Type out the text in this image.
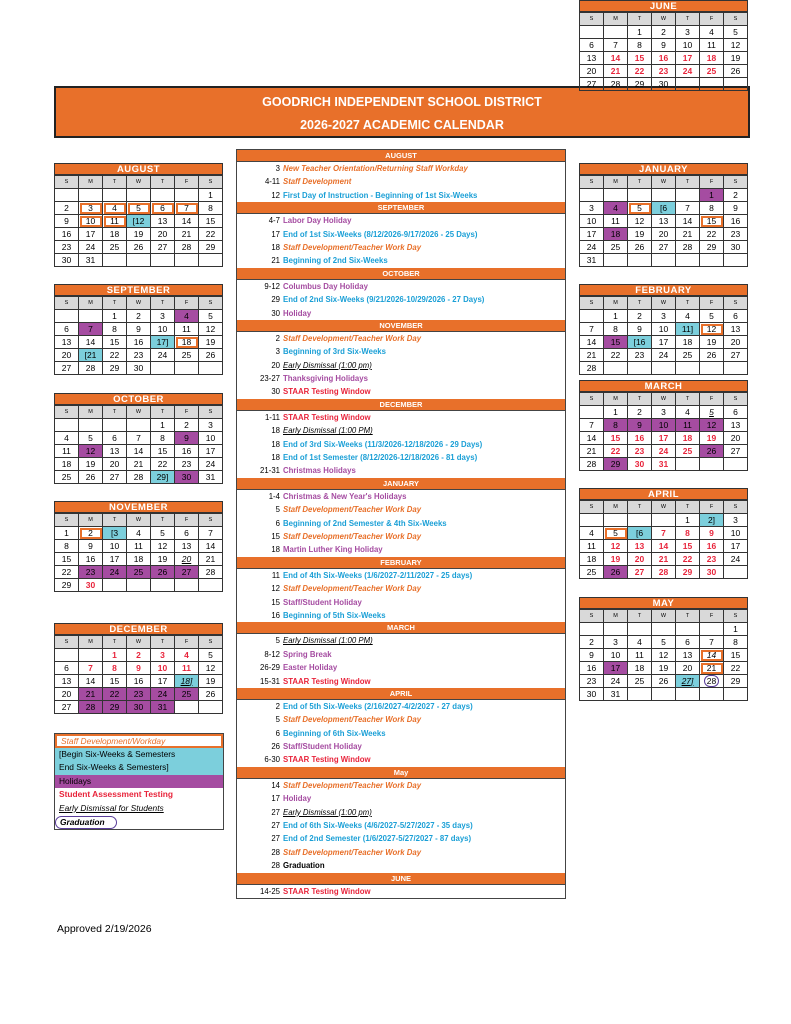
GOODRICH INDEPENDENT SCHOOL DISTRICT
2026-2027 ACADEMIC CALENDAR
AUGUST
S	M	T	W	T	F	S
						1
2	3	4	5	6	7	8
9	10	11	[12	13	14	15
16	17	18	19	20	21	22
23	24	25	26	27	28	29
30	31					
SEPTEMBER
S	M	T	W	T	F	S
		1	2	3	4	5
6	7	8	9	10	11	12
13	14	15	16	17]	18	19
20	[21	22	23	24	25	26
27	28	29	30			
OCTOBER
S	M	T	W	T	F	S
				1	2	3
4	5	6	7	8	9	10
11	12	13	14	15	16	17
18	19	20	21	22	23	24
25	26	27	28	29]	30	31
NOVEMBER
S	M	T	W	T	F	S
1	2	[3	4	5	6	7
8	9	10	11	12	13	14
15	16	17	18	19	20	21
22	23	24	25	26	27	28
29	30					
DECEMBER
S	M	T	W	T	F	S
		1	2	3	4	5
6	7	8	9	10	11	12
13	14	15	16	17	18]	19
20	21	22	23	24	25	26
27	28	29	30	31		
JANUARY
S	M	T	W	T	F	S
					1	2
3	4	5	[6	7	8	9
10	11	12	13	14	15	16
17	18	19	20	21	22	23
24	25	26	27	28	29	30
31						
FEBRUARY
S	M	T	W	T	F	S
	1	2	3	4	5	6
7	8	9	10	11]	12	13
14	15	[16	17	18	19	20
21	22	23	24	25	26	27
28						
MARCH
S	M	T	W	T	F	S
	1	2	3	4	5	6
7	8	9	10	11	12	13
14	15	16	17	18	19	20
21	22	23	24	25	26	27
28	29	30	31			
APRIL
S	M	T	W	T	F	S
				1	2]	3
4	5	[6	7	8	9	10
11	12	13	14	15	16	17
18	19	20	21	22	23	24
25	26	27	28	29	30	
MAY
S	M	T	W	T	F	S
						1
2	3	4	5	6	7	8
9	10	11	12	13	14	15
16	17	18	19	20	21	22
23	24	25	26	27]	28	29
30	31					
JUNE
S	M	T	W	T	F	S
		1	2	3	4	5
6	7	8	9	10	11	12
13	14	15	16	17	18	19
20	21	22	23	24	25	26
27	28	29	30			
AUGUST
3 New Teacher Orientation/Returning Staff Workday
4-11 Staff Development
12 First Day of Instruction - Beginning of 1st Six-Weeks
SEPTEMBER
4-7 Labor Day Holiday
17 End of 1st Six-Weeks (8/12/2026-9/17/2026 - 25 Days)
18 Staff Development/Teacher Work Day
21 Beginning of 2nd Six-Weeks
OCTOBER
9-12 Columbus Day Holiday
29 End of 2nd Six-Weeks (9/21/2026-10/29/2026 - 27 Days)
30 Holiday
NOVEMBER
2 Staff Development/Teacher Work Day
3 Beginning of 3rd Six-Weeks
20 Early Dismissal (1:00 pm)
23-27 Thanksgiving Holidays
30 STAAR Testing Window
DECEMBER
1-11 STAAR Testing Window
18 Early Dismissal (1:00 PM)
18 End of 3rd Six-Weeks (11/3/2026-12/18/2026 - 29 Days)
18 End of 1st Semester (8/12/2026-12/18/2026 - 81 days)
21-31 Christmas Holidays
JANUARY
1-4 Christmas & New Year's Holidays
5 Staff Development/Teacher Work Day
6 Beginning of 2nd Semester & 4th Six-Weeks
15 Staff Development/Teacher Work Day
18 Martin Luther King Holiday
FEBRUARY
11 End of 4th Six-Weeks (1/6/2027-2/11/2027 - 25 days)
12 Staff Development/Teacher Work Day
15 Staff/Student Holiday
16 Beginning of 5th Six-Weeks
MARCH
5 Early Dismissal (1:00 PM)
8-12 Spring Break
26-29 Easter Holiday
15-31 STAAR Testing Window
APRIL
2 End of 5th Six-Weeks (2/16/2027-4/2/2027 - 27 days)
5 Staff Development/Teacher Work Day
6 Beginning of 6th Six-Weeks
26 Staff/Student Holiday
6-30 STAAR Testing Window
May
14 Staff Development/Teacher Work Day
17 Holiday
27 Early Dismissal (1:00 pm)
27 End of 6th Six-Weeks (4/6/2027-5/27/2027 - 35 days)
27 End of 2nd Semester (1/6/2027-5/27/2027 - 87 days)
28 Staff Development/Teacher Work Day
28 Graduation
JUNE
14-25 STAAR Testing Window
Staff Development/Workday
[Begin Six-Weeks & Semesters
End Six-Weeks & Semesters]
Holidays
Student Assessment Testing
Early Dismissal for Students
Graduation
Approved 2/19/2026
